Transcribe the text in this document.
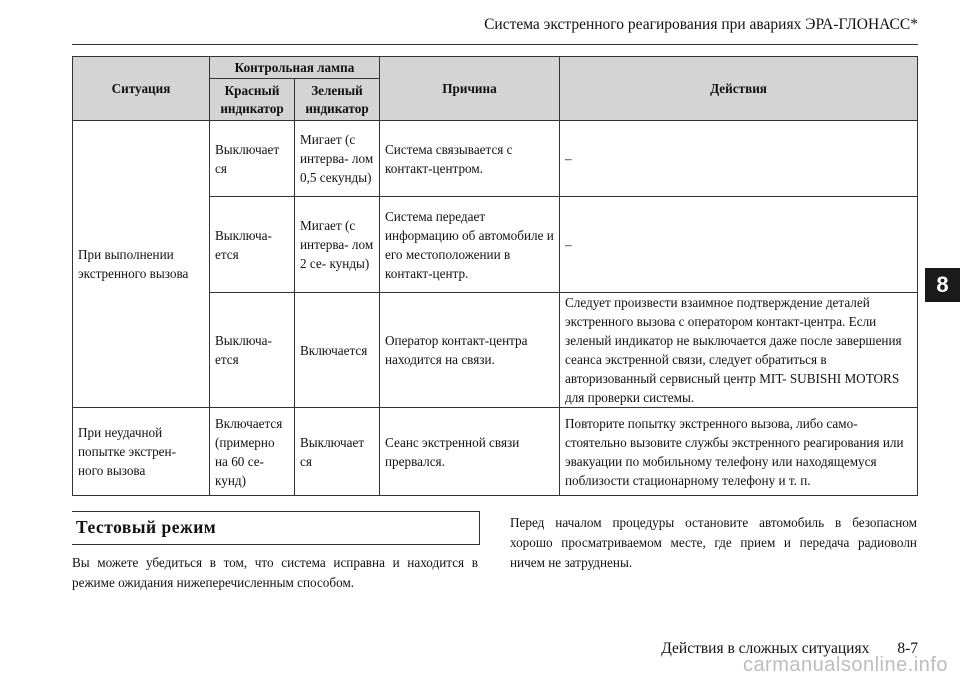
Система экстренного реагирования при авариях ЭРА-ГЛОНАСС*
8
Ситуация	Контрольная лампа		Причина	Действия
	Красный индикатор	Зеленый индикатор		
При выполнении экстренного вызова	Выключает ся	Мигает (с интерва- лом 0,5 секунды)	Система связывается с контакт-центром.	–
	Выключа- ется	Мигает (с интерва- лом 2 се- кунды)	Система передает информацию об автомобиле и его местоположении в контакт-центр.	–
	Выключа- ется	Включается	Оператор контакт-центра находится на связи.	Следует произвести взаимное подтверждение деталей экстренного вызова с оператором контакт-центра. Если зеленый индикатор не выключается даже после завершения сеанса экстренной связи, следует обратиться в авторизованный сервисный центр MIT- SUBISHI MOTORS для проверки системы.
При неудачной попытке экстрен- ного вызова	Включается (примерно на 60 се- кунд)	Выключает ся	Сеанс экстренной связи прервался.	Повторите попытку экстренного вызова, либо само- стоятельно вызовите службы экстренного реагирования или эвакуации по мобильному телефону или находящемуся поблизости стационарному телефону и т. п.
Тестовый режим
Вы можете убедиться в том, что система исправна и находится в режиме ожидания нижеперечисленным способом.
Перед началом процедуры остановите автомобиль в безопасном хорошо просматриваемом месте, где прием и передача радиоволн ничем не затруднены.
Действия в сложных ситуациях 8-7
carmanualsonline.info
